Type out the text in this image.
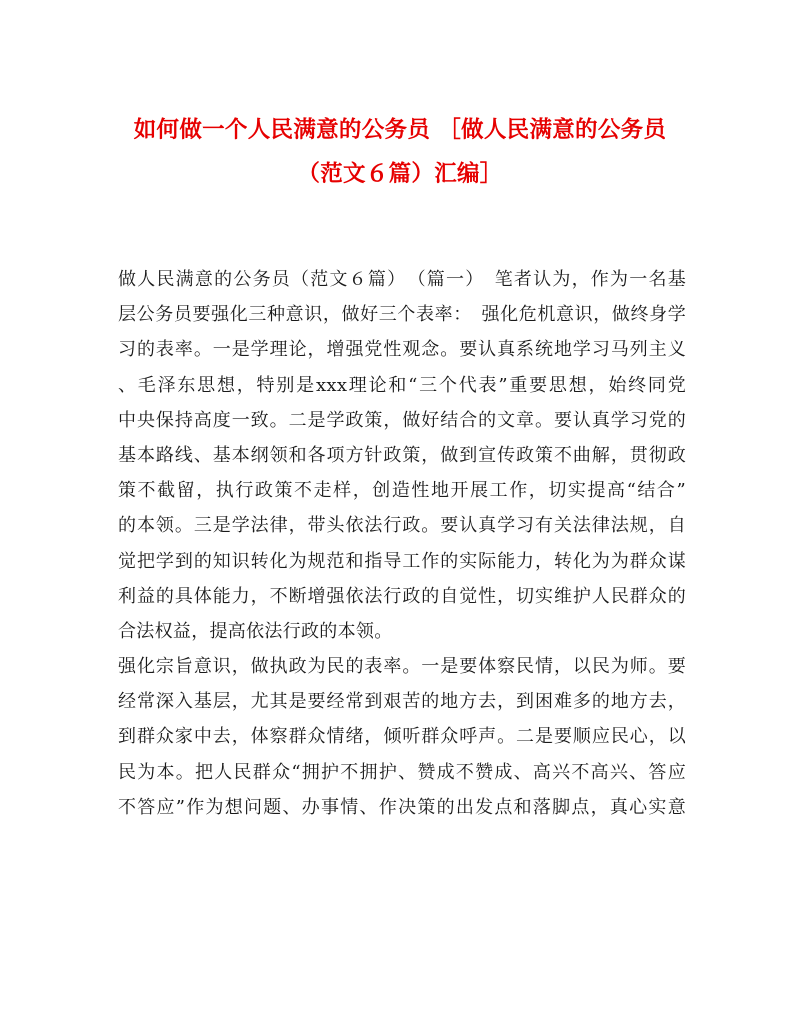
如何做一个人民满意的公务员 ［做人民满意的公务员
（范文６篇）汇编］
做人民满意的公务员（范文６篇）　（篇一）　笔者认为，作为一名基
层公务员要强化三种意识，做好三个表率：　强化危机意识，做终身学
习的表率。一是学理论，增强党性观念。要认真系统地学习马列主义
、毛泽东思想，特别是xxx理论和“三个代表”重要思想，始终同党
中央保持高度一致。二是学政策，做好结合的文章。要认真学习党的
基本路线、基本纲领和各项方针政策，做到宣传政策不曲解，贯彻政
策不截留，执行政策不走样，创造性地开展工作，切实提高“结合”
的本领。三是学法律，带头依法行政。要认真学习有关法律法规，自
觉把学到的知识转化为规范和指导工作的实际能力，转化为为群众谋
利益的具体能力，不断增强依法行政的自觉性，切实维护人民群众的
合法权益，提高依法行政的本领。
强化宗旨意识，做执政为民的表率。一是要体察民情，以民为师。要
经常深入基层，尤其是要经常到艰苦的地方去，到困难多的地方去，
到群众家中去，体察群众情绪，倾听群众呼声。二是要顺应民心，以
民为本。把人民群众“拥护不拥护、赞成不赞成、高兴不高兴、答应
不答应”作为想问题、办事情、作决策的出发点和落脚点，真心实意
